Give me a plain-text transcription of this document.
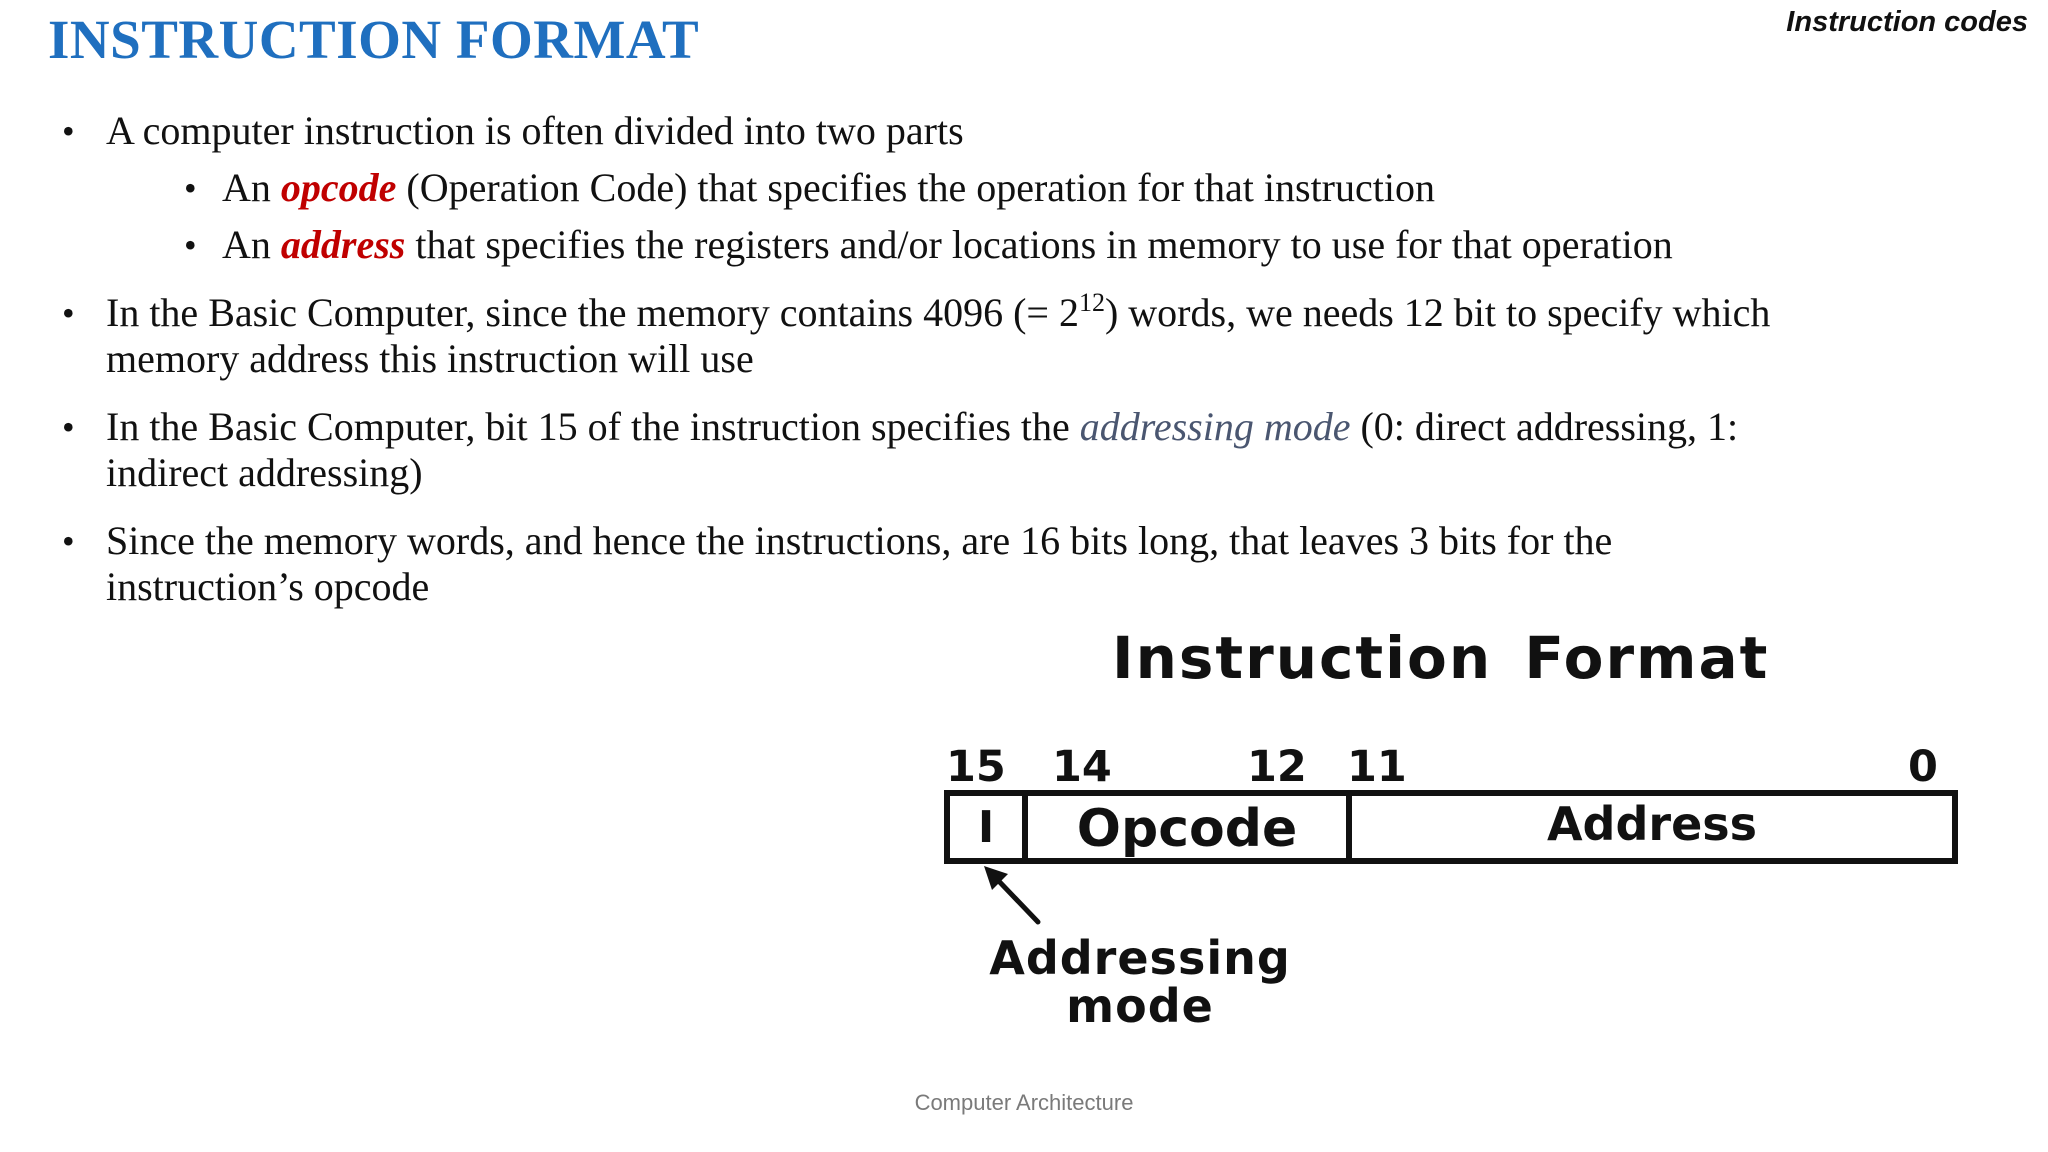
INSTRUCTION FORMAT	Instruction codes
• A computer instruction is often divided into two parts
• An opcode (Operation Code) that specifies the operation for that instruction
• An address that specifies the registers and/or locations in memory to use for that operation
• In the Basic Computer, since the memory contains 4096 (= $2^{12}$) words, we needs 12 bit to specify which memory address this instruction will use
• In the Basic Computer, bit 15 of the instruction specifies the addressing mode (0: direct addressing, 1: indirect addressing)
• Since the memory words, and hence the instructions, are 16 bits long, that leaves 3 bits for the instruction’s opcode
Instruction Format
15 14	12 11	0
I	Opcode	Address
Addressing
mode
Computer Architecture
